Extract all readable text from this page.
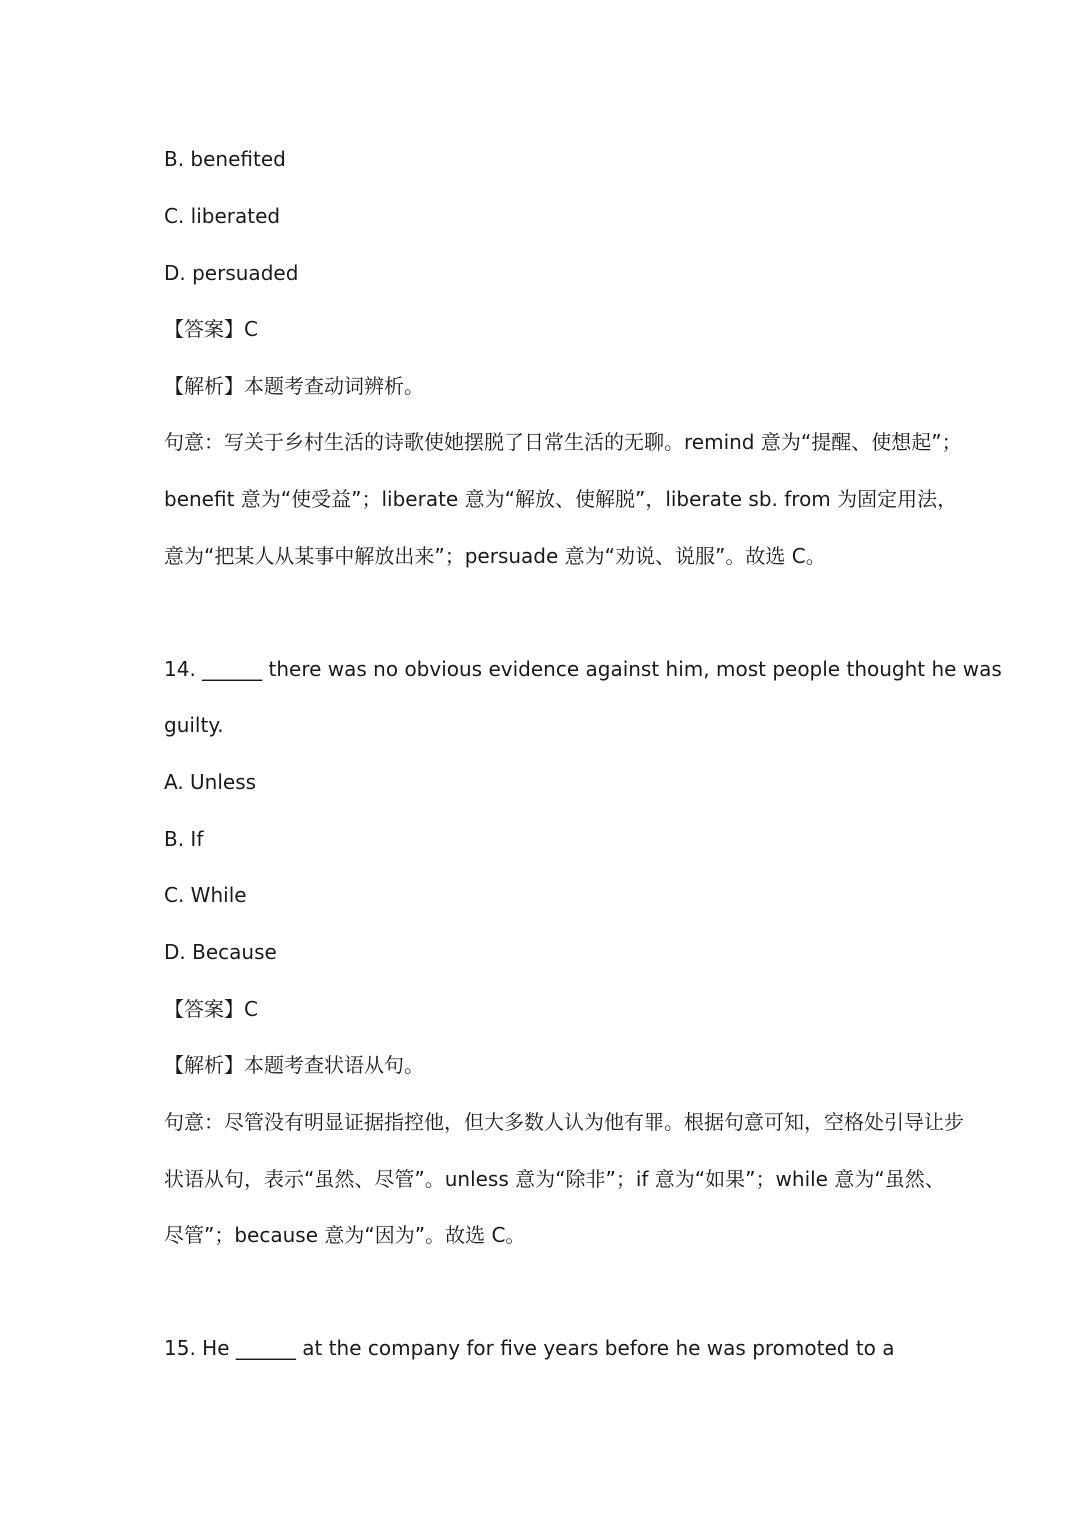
B. benefited
C. liberated
D. persuaded
【答案】C
【解析】本题考查动词辨析。
句意：写关于乡村生活的诗歌使她摆脱了日常生活的无聊。remind 意为“提醒、使想起”；
benefit 意为“使受益”；liberate 意为“解放、使解脱”，liberate sb. from 为固定用法，
意为“把某人从某事中解放出来”；persuade 意为“劝说、说服”。故选 C。
14. ______ there was no obvious evidence against him, most people thought he was
guilty.
A. Unless
B. If
C. While
D. Because
【答案】C
【解析】本题考查状语从句。
句意：尽管没有明显证据指控他，但大多数人认为他有罪。根据句意可知，空格处引导让步
状语从句，表示“虽然、尽管”。unless 意为“除非”；if 意为“如果”；while 意为“虽然、
尽管”；because 意为“因为”。故选 C。
15. He ______ at the company for five years before he was promoted to a
